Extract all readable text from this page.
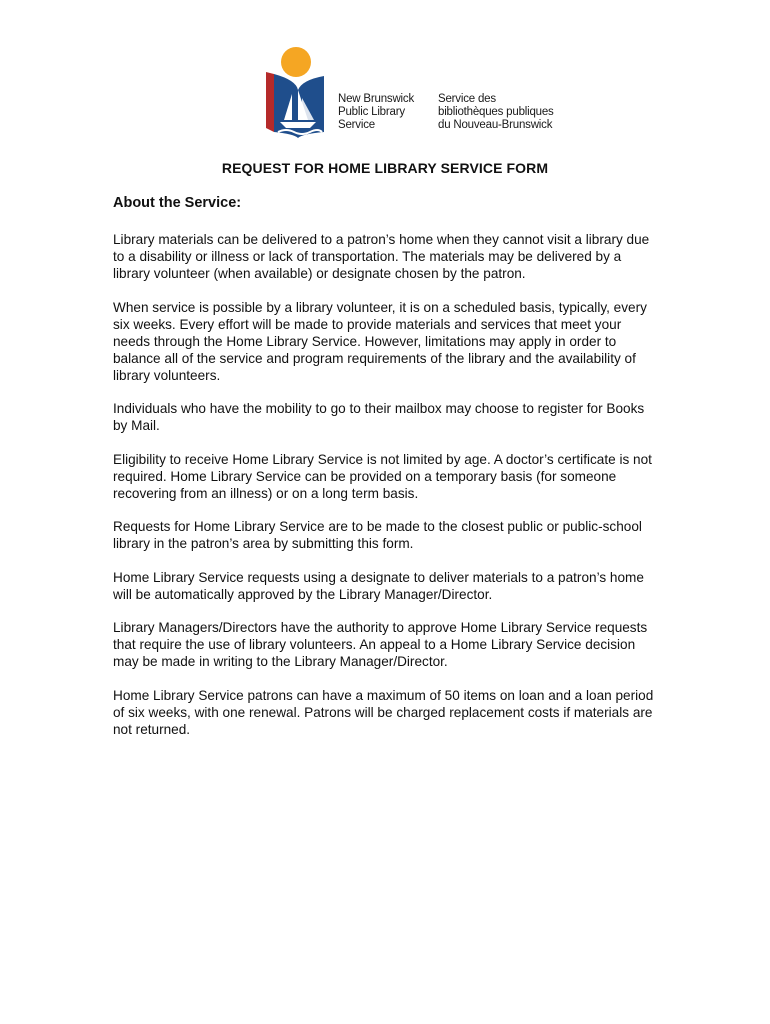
New Brunswick
Public Library
Service
Service des
bibliothèques publiques
du Nouveau-Brunswick
REQUEST FOR HOME LIBRARY SERVICE FORM
About the Service:

Library materials can be delivered to a patron’s home when they cannot visit a library due to a disability or illness or lack of transportation. The materials may be delivered by a library volunteer (when available) or designate chosen by the patron.

When service is possible by a library volunteer, it is on a scheduled basis, typically, every six weeks. Every effort will be made to provide materials and services that meet your needs through the Home Library Service. However, limitations may apply in order to balance all of the service and program requirements of the library and the availability of library volunteers.

Individuals who have the mobility to go to their mailbox may choose to register for Books by Mail.

Eligibility to receive Home Library Service is not limited by age. A doctor’s certificate is not required. Home Library Service can be provided on a temporary basis (for someone recovering from an illness) or on a long term basis.

Requests for Home Library Service are to be made to the closest public or public-school library in the patron’s area by submitting this form.

Home Library Service requests using a designate to deliver materials to a patron’s home will be automatically approved by the Library Manager/Director.

Library Managers/Directors have the authority to approve Home Library Service requests that require the use of library volunteers. An appeal to a Home Library Service decision may be made in writing to the Library Manager/Director.

Home Library Service patrons can have a maximum of 50 items on loan and a loan period of six weeks, with one renewal. Patrons will be charged replacement costs if materials are not returned.
